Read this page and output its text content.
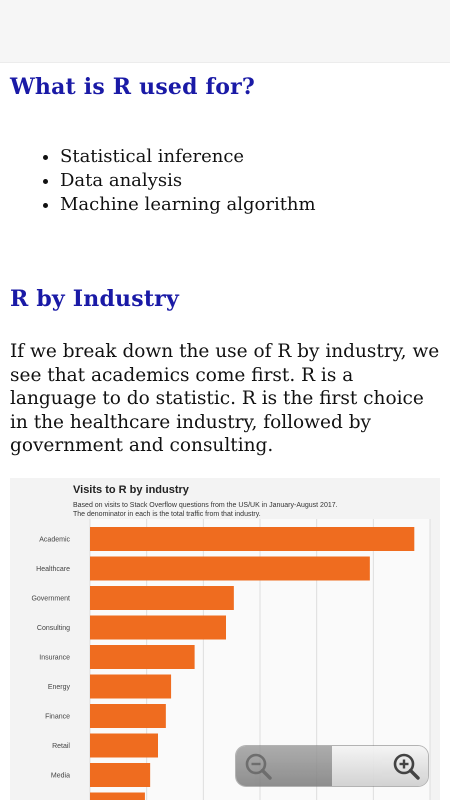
What is R used for?
• Statistical inference
• Data analysis
• Machine learning algorithm
R by Industry

If we break down the use of R by industry, we see that academics come first. R is a language to do statistic. R is the first choice in the healthcare industry, followed by government and consulting.

Visits to R by industry
Based on visits to Stack Overflow questions from the US/UK in January-August 2017.
The denominator in each is the total traffic from that industry.
Academic
Healthcare
Government
Consulting
Insurance
Energy
Finance
Retail
Media
